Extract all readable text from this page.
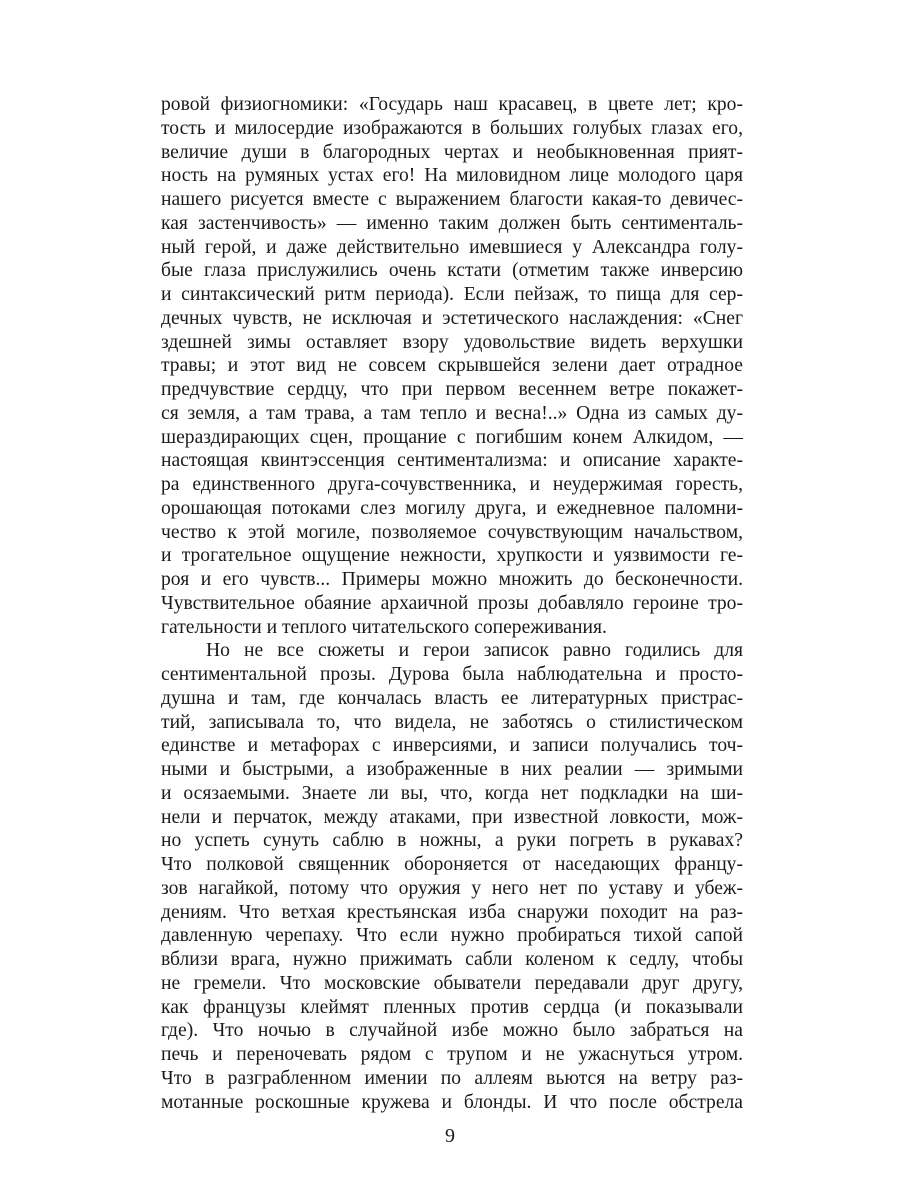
ровой физиогномики: «Государь наш красавец, в цвете лет; кро-
тость и милосердие изображаются в больших голубых глазах его,
величие души в благородных чертах и необыкновенная прият-
ность на румяных устах его! На миловидном лице молодого царя
нашего рисуется вместе с выражением благости какая-то девичес-
кая застенчивость» — именно таким должен быть сентименталь-
ный герой, и даже действительно имевшиеся у Александра голу-
бые глаза прислужились очень кстати (отметим также инверсию
и синтаксический ритм периода). Если пейзаж, то пища для сер-
дечных чувств, не исключая и эстетического наслаждения: «Снег
здешней зимы оставляет взору удовольствие видеть верхушки
травы; и этот вид не совсем скрывшейся зелени дает отрадное
предчувствие сердцу, что при первом весеннем ветре покажет-
ся земля, а там трава, а там тепло и весна!..» Одна из самых ду-
шераздирающих сцен, прощание с погибшим конем Алкидом, —
настоящая квинтэссенция сентиментализма: и описание характе-
ра единственного друга-сочувственника, и неудержимая горесть,
орошающая потоками слез могилу друга, и ежедневное паломни-
чество к этой могиле, позволяемое сочувствующим начальством,
и трогательное ощущение нежности, хрупкости и уязвимости ге-
роя и его чувств... Примеры можно множить до бесконечности.
Чувствительное обаяние архаичной прозы добавляло героине тро-
гательности и теплого читательского сопереживания.
Но не все сюжеты и герои записок равно годились для
сентиментальной прозы. Дурова была наблюдательна и просто-
душна и там, где кончалась власть ее литературных пристрас-
тий, записывала то, что видела, не заботясь о стилистическом
единстве и метафорах с инверсиями, и записи получались точ-
ными и быстрыми, а изображенные в них реалии — зримыми
и осязаемыми. Знаете ли вы, что, когда нет подкладки на ши-
нели и перчаток, между атаками, при известной ловкости, мож-
но успеть сунуть саблю в ножны, а руки погреть в рукавах?
Что полковой священник обороняется от наседающих францу-
зов нагайкой, потому что оружия у него нет по уставу и убеж-
дениям. Что ветхая крестьянская изба снаружи походит на раз-
давленную черепаху. Что если нужно пробираться тихой сапой
вблизи врага, нужно прижимать сабли коленом к седлу, чтобы
не гремели. Что московские обыватели передавали друг другу,
как французы клеймят пленных против сердца (и показывали
где). Что ночью в случайной избе можно было забраться на
печь и переночевать рядом с трупом и не ужаснуться утром.
Что в разграбленном имении по аллеям вьются на ветру раз-
мотанные роскошные кружева и блонды. И что после обстрела
9
